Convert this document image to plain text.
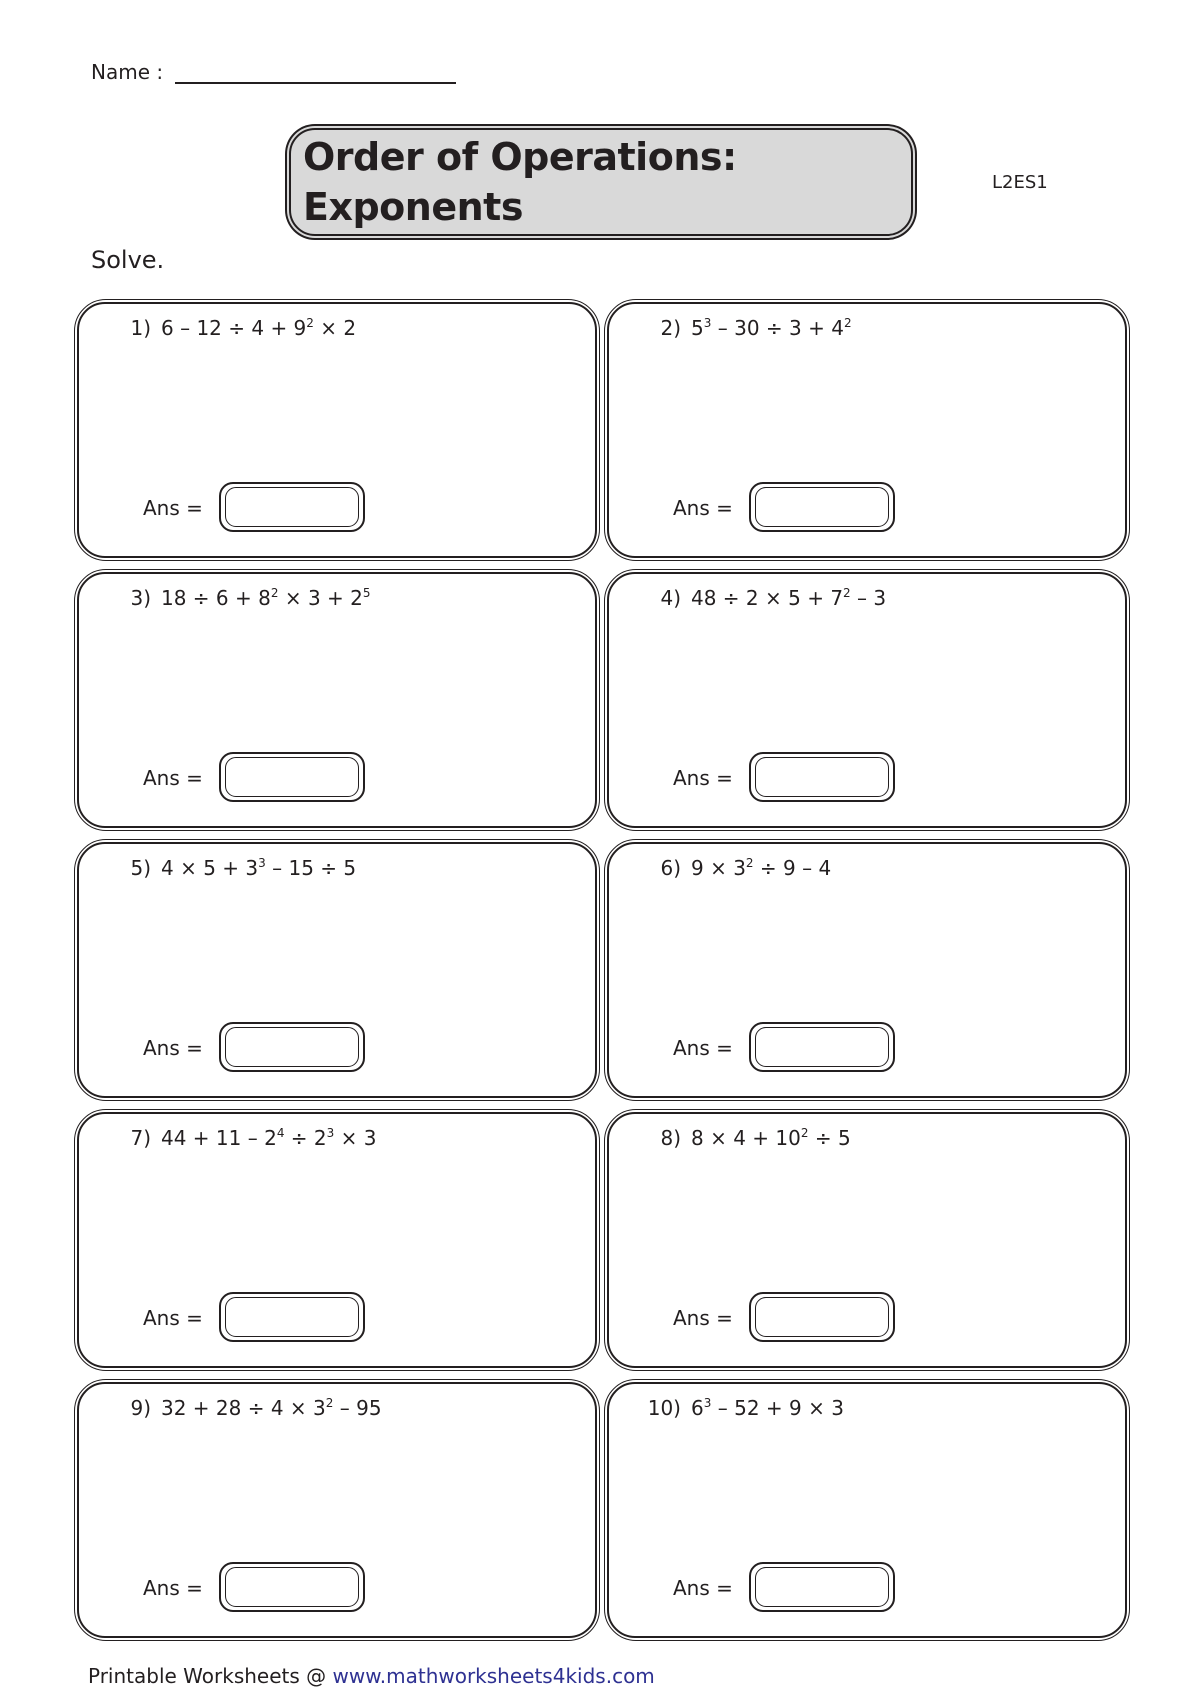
Name :
Order of Operations: Exponents
L2ES1
Solve.
1) $6 - 12 \div 4 + 9^2 \times 2$
Ans =
2) $5^3 - 30 \div 3 + 4^2$
Ans =
3) $18 \div 6 + 8^2 \times 3 + 2^5$
Ans =
4) $48 \div 2 \times 5 + 7^2 - 3$
Ans =
5) $4 \times 5 + 3^3 - 15 \div 5$
Ans =
6) $9 \times 3^2 \div 9 - 4$
Ans =
7) $44 + 11 - 2^4 \div 2^3 \times 3$
Ans =
8) $8 \times 4 + 10^2 \div 5$
Ans =
9) $32 + 28 \div 4 \times 3^2 - 95$
Ans =
10) $6^3 - 52 + 9 \times 3$
Ans =
Printable Worksheets @ www.mathworksheets4kids.com
